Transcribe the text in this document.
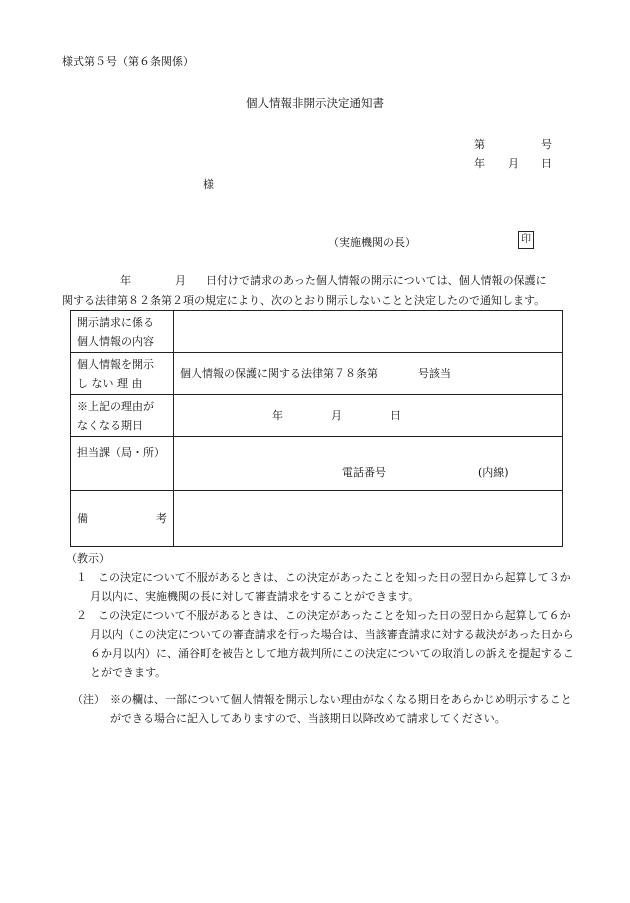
様式第５号（第６条関係）
個人情報非開示決定通知書
第	号
年 月 日
様
（実施機関の長）	印
年	月 日付けで請求のあった個人情報の開示については、個人情報の保護に
関する法律第８２条第２項の規定により、次のとおり開示しないことと決定したので通知します。
開示請求に係る
個人情報の内容	

個人情報を開示
し ない 理 由	個人情報の保護に関する法律第７８条第 号該当

※上記の理由が
なくなる期日	年 月 日
担当課（局・所）	電話番号 (内線)

備 考	

（教示）
１　 この決定について不服があるときは、この決定があったことを知った日の翌日から起算して３か月以内に、実施機関の長に対して審査請求をすることができます。
２　 この決定について不服があるときは、この決定があったことを知った日の翌日から起算して６か月以内（この決定についての審査請求を行った場合は、当該審査請求に対する裁決があった日から６か月以内）に、涌谷町を被告として地方裁判所にこの決定についての取消しの訴えを提起することができます。
（注） ※の欄は、一部について個人情報を開示しない理由がなくなる期日をあらかじめ明示することができる場合に記入してありますので、当該期日以降改めて請求してください。
